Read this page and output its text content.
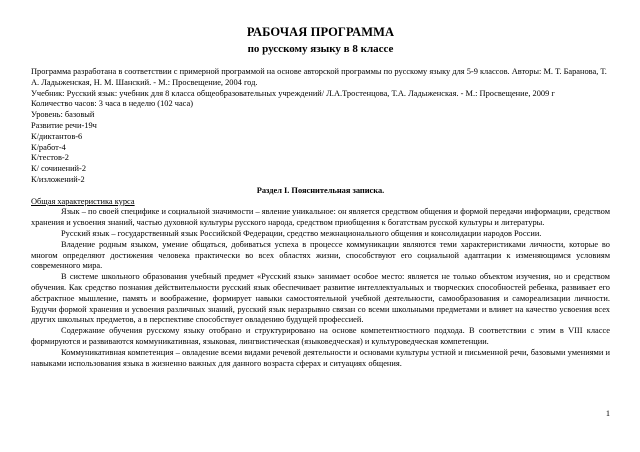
РАБОЧАЯ ПРОГРАММА
по русскому языку в 8 классе

Программа разработана в соответствии с примерной программой на основе авторской программы по русскому языку для 5-9 классов. Авторы: М. Т. Баранова, Т. А. Ладыженская, Н. М. Шанский. - М.: Просвещение, 2004 год.

Учебник: Русский язык: учебник для 8 класса общеобразовательных учреждений/ Л.А.Тростенцова, Т.А. Ладыженская. - М.: Просвещение, 2009 г

Количество часов: 3 часа в неделю (102 часа)

Уровень: базовый

Развитие речи-19ч

К/диктантов-6

К/работ-4

К/тестов-2

К/ сочинений-2

К/изложений-2

Раздел I. Пояснительная записка.

Общая характеристика курса

Язык – по своей специфике и социальной значимости – явление уникальное: он является средством общения и формой передачи информации, средством хранения и усвоения знаний, частью духовной культуры русского народа, средством приобщения к богатствам русской культуры и литературы.

Русский язык – государственный язык Российской Федерации, средство межнационального общения и консолидации народов России.

Владение родным языком, умение общаться, добиваться успеха в процессе коммуникации являются теми характеристиками личности, которые во многом определяют достижения человека практически во всех областях жизни, способствуют его социальной адаптации к изменяющимся условиям современного мира.

В системе школьного образования учебный предмет «Русский язык» занимает особое место: является не только объектом изучения, но и средством обучения. Как средство познания действительности русский язык обеспечивает развитие интеллектуальных и творческих способностей ребенка, развивает его абстрактное мышление, память и воображение, формирует навыки самостоятельной учебной деятельности, самообразования и самореализации личности. Будучи формой хранения и усвоения различных знаний, русский язык неразрывно связан со всеми школьными предметами и влияет на качество усвоения всех других школьных предметов, а в перспективе способствует овладению будущей профессией.

Содержание обучения русскому языку отобрано и структурировано на основе компетентностного подхода. В соответствии с этим в VIII классе формируются и развиваются коммуникативная, языковая, лингвистическая (языковедческая) и культуроведческая компетенции.

Коммуникативная компетенция – овладение всеми видами речевой деятельности и основами культуры устной и письменной речи, базовыми умениями и навыками использования языка в жизненно важных для данного возраста сферах и ситуациях общения.

1
